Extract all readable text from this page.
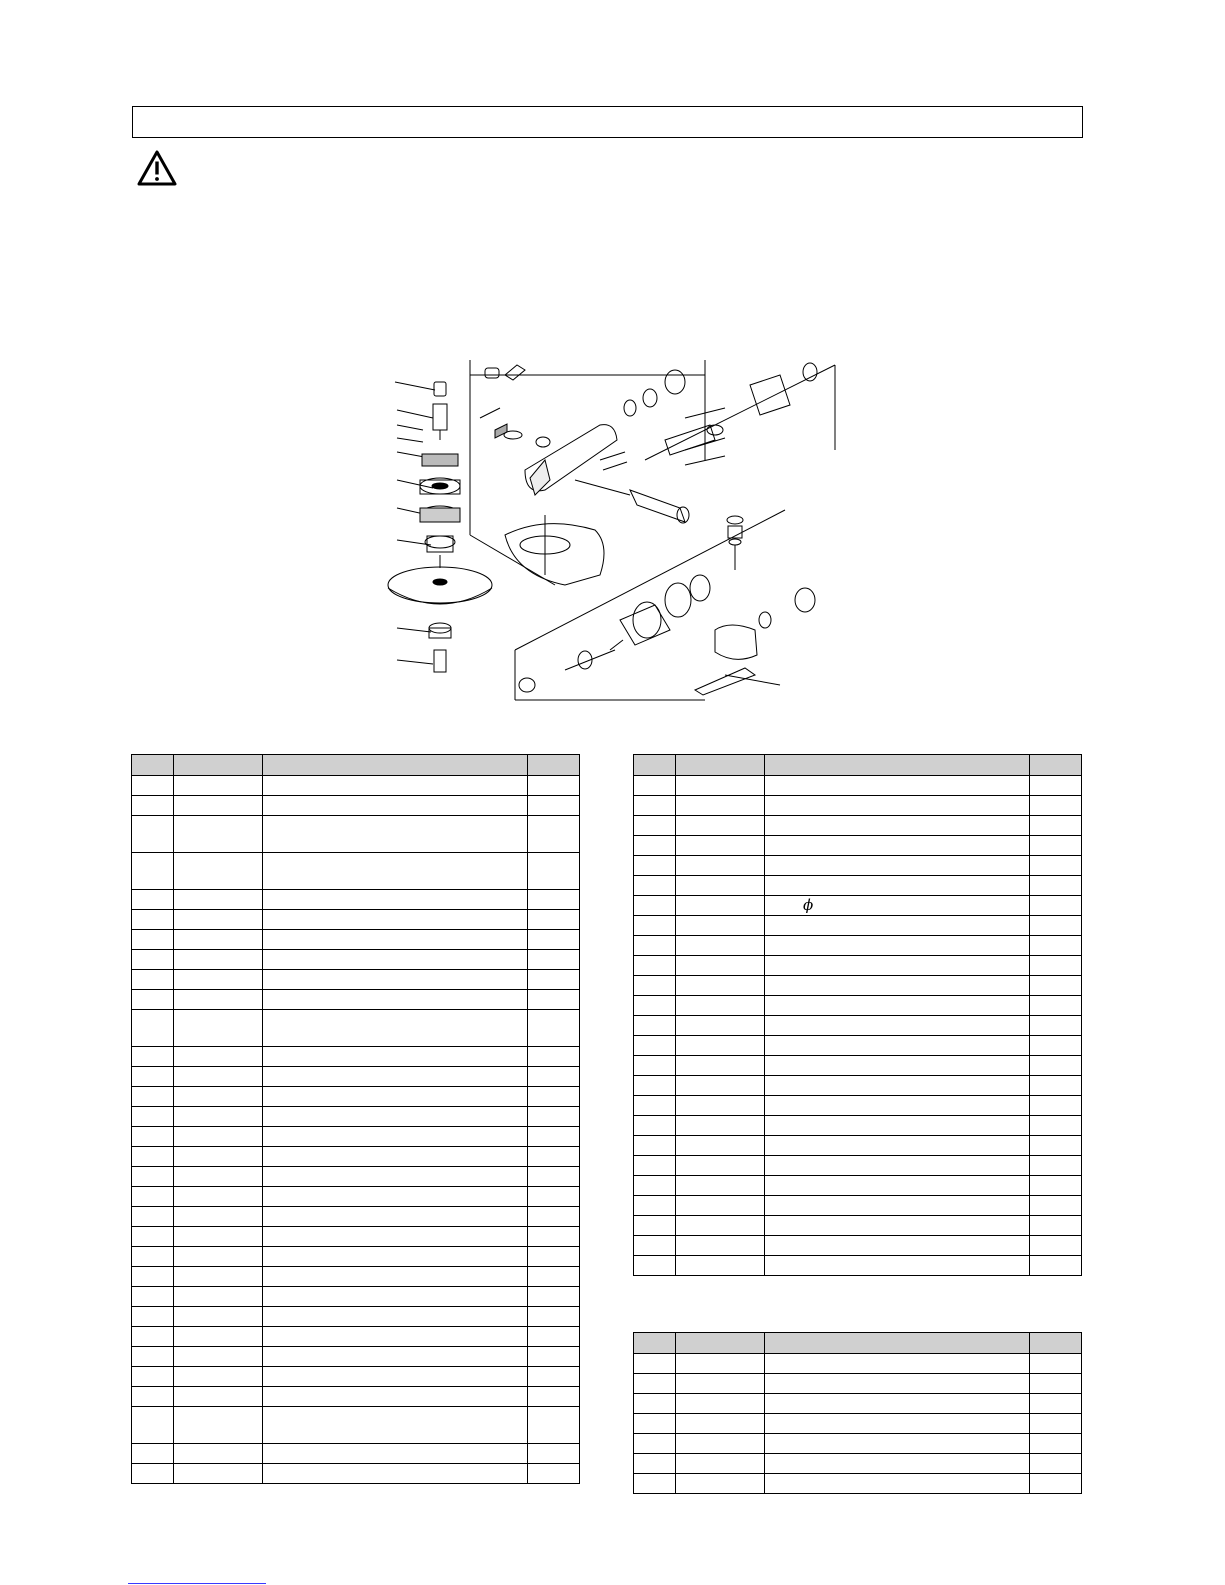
		ϕ	
